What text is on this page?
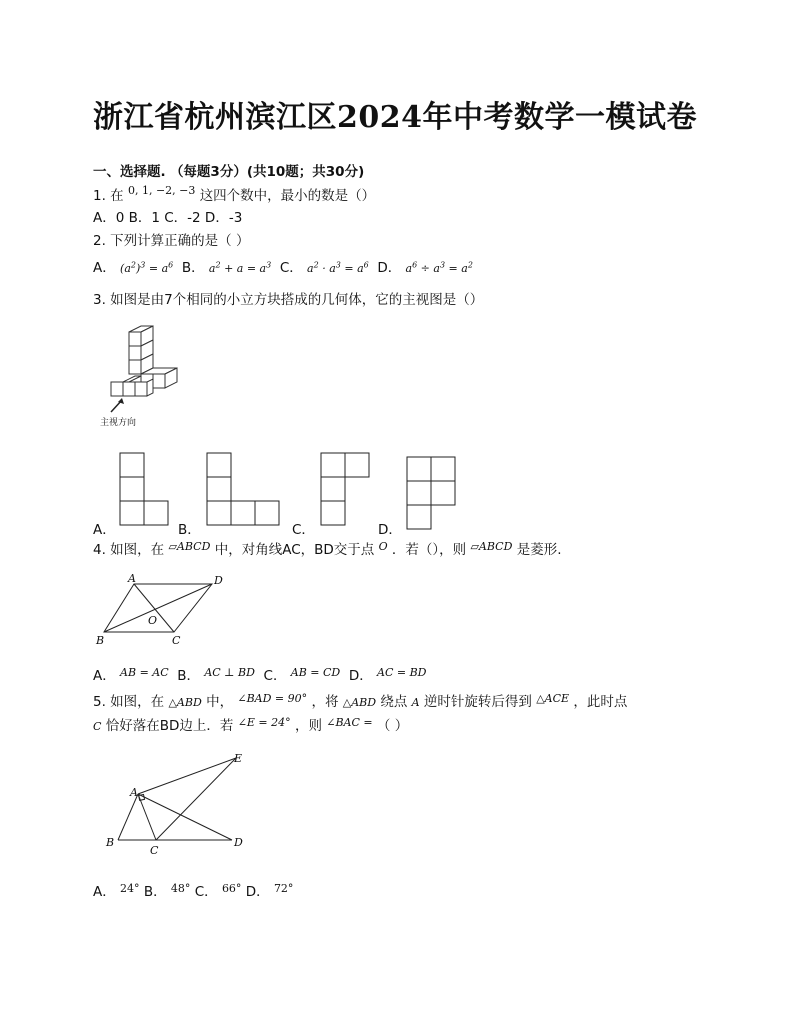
浙江省杭州滨江区2024年中考数学一模试卷
一、选择题. （每题3分）(共10题；共30分)
1. 在 $^{0, 1, -2, -3}$ 这四个数中，最小的数是（）
A．0 B．1 C．-2 D．-3
2. 下列计算正确的是（ ）
A． $(a^2)^3 = a^6$ B． $a^2 + a = a^3$ C． $a^2 \cdot a^3 = a^6$ D． $a^6 \div a^3 = a^2$
3. 如图是由7个相同的小立方块搭成的几何体，它的主视图是（）
主视方向
A．	B．	C．	D．
4. 如图，在 $^{▱ABCD}$ 中，对角线AC，BD交于点 $^O$ ．若（），则 $^{▱ABCD}$ 是菱形.
A	D
B	C
O
A． $^{AB = AC}$ B． $^{AC \perp BD}$ C． $^{AB = CD}$ D． $^{AC = BD}$
5. 如图，在 △ABD 中， $^{\angle BAD = 90^\circ}$ ，将 △ABD 绕点 A 逆时针旋转后得到 $^{\triangle ACE}$ ，此时点
C 恰好落在BD边上．若 $^{\angle E = 24^\circ}$ ，则 $^{\angle BAC =}$ （ ）
A
B
C
D
E
A． $^{24^\circ}$ B． $^{48^\circ}$ C． $^{66^\circ}$ D． $^{72^\circ}$
